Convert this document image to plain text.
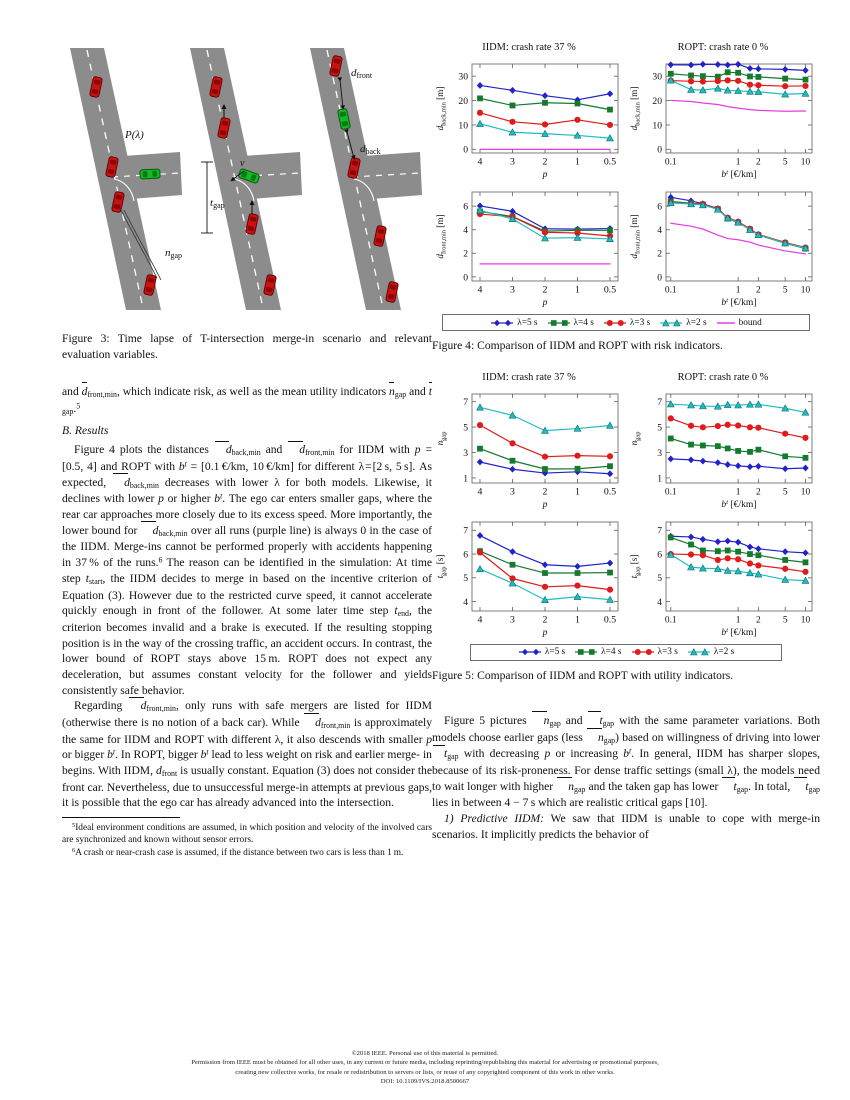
P(λ)
ngap
v
tgap
dfront
dback
Figure 3: Time lapse of T-intersection merge-in scenario and relevant evaluation variables.

and $d_{front,min}$, which indicate risk, as well as the mean utility indicators $n_{gap}$ and $t_{gap}.^5$

B. Results

Figure 4 plots the distances $d_{back,min}$ and $d_{front,min}$ for IIDM with p = [0.5, 4] and ROPT with $b^t = [0.1$ €/km, 10 €/km] for different λ = [2 s, 5 s]. As expected, $d_{back,min}$ decreases with lower λ for both models. Likewise, it declines with lower p or higher $b^t$. The ego car enters smaller gaps, where the rear car approaches more closely due to its excess speed. More importantly, the lower bound for $d_{back,min}$ over all runs (purple line) is always 0 in the case of the IIDM. Merge-ins cannot be performed properly with accidents happening in 37 % of the runs.$^6$ The reason can be identified in the simulation: At time step $t_{start}$, the IIDM decides to merge in based on the incentive criterion of Equation (3). However due to the restricted curve speed, it cannot accelerate quickly enough in front of the follower. At some later time step $t_{end}$, the criterion becomes invalid and a brake is executed. If the resulting stopping position is in the way of the crossing traffic, an accident occurs. In contrast, the lower bound of ROPT stays above 15 m. ROPT does not expect any deceleration, but assumes constant velocity for the follower and yields consistently safe behavior.

Regarding $d_{front,min}$, only runs with safe mergers are listed for IIDM (otherwise there is no notion of a back car). While $d_{front,min}$ is approximately the same for IIDM and ROPT with different λ, it also descends with smaller p or bigger $b^t$. In ROPT, bigger $b^t$ lead to less weight on risk and earlier merge- in begins. With IIDM, $d_{front}$ is usually constant. Equation (3) does not consider the front car. Nevertheless, due to unsuccessful merge-in attempts at previous gaps, it is possible that the ego car has already advanced into the intersection.

$^5$Ideal environment conditions are assumed, in which position and velocity of the involved cars are synchronized and known without sensor errors.

$^6$A crash or near-crash case is assumed, if the distance between two cars is less than 1 m.

IIDM: crash rate 37 %	ROPT: crash rate 0 %
0
10
20
30
4	3	2	1 0.5
p
$d_{̄back,min}$ [m]
0
10
20
30
0.1	1 2 5 10
$b^t$ [€/km]
$d_{̄back,min}$ [m]
0
2
4
6
4	3	2	1 0.5
p
$d_{̄front,min}$ [m]
0
2
4
6
0.1	1 2 5 10
$b^t$ [€/km]
$d_{̄front,min}$ [m]
λ=5 s	λ=4 s	λ=3 s	λ=2 s	bound
Figure 4: Comparison of IIDM and ROPT with risk indicators.
IIDM: crash rate 37 %	ROPT: crash rate 0 %
1
3
5
7
4	3	2	1 0.5
p
$n_{̄gap}$
1
3
5
7
0.1	1 2 5 10
$b^t$ [€/km]
$n_{̄gap}$
4
5
6
7
4	3	2	1 0.5
p
$t_{̄gap}$ [s]
4
5
6
7
0.1	1 2 5 10
$b^t$ [€/km]
$t_{̄gap}$ [s]
λ=5 s	λ=4 s	λ=3 s	λ=2 s
Figure 5: Comparison of IIDM and ROPT with utility indicators.

Figure 5 pictures $n_{gap}$ and $t_{gap}$ with the same parameter variations. Both models choose earlier gaps (less $n_{gap}$) based on willingness of driving into lower $t_{gap}$ with decreasing p or increasing $b^t$. In general, IIDM has sharper slopes, because of its risk-proneness. For dense traffic settings (small λ), the models need to wait longer with higher $n_{gap}$ and the taken gap has lower $t_{gap}$. In total, $t_{gap}$ lies in between 4 − 7 s which are realistic critical gaps [10].

1) Predictive IIDM: We saw that IIDM is unable to cope with merge-in scenarios. It implicitly predicts the behavior of

©2018 IEEE. Personal use of this material is permitted.
Permission from IEEE must be obtained for all other uses, in any current or future media, including reprinting/republishing this material for advertising or promotional purposes,
creating new collective works, for resale or redistribution to servers or lists, or reuse of any copyrighted component of this work in other works.
DOI: 10.1109/IVS.2018.8500667
